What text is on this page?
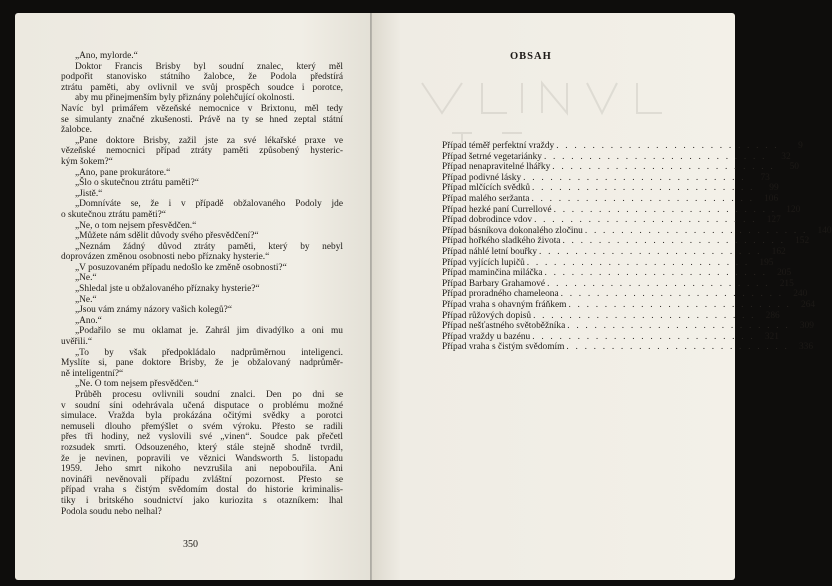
„Ano, mylorde.“
Doktor Francis Brisby byl soudní znalec, který měl
podpořit stanovisko státního žalobce, že Podola předstírá
ztrátu paměti, aby ovlivnil ve svůj prospěch soudce i porotce,
aby mu přinejmenším byly přiznány polehčující okolnosti.
Navíc byl primářem vězeňské nemocnice v Brixtonu, měl tedy
se simulanty značné zkušenosti. Právě na ty se hned zeptal státní
žalobce.
„Pane doktore Brisby, zažil jste za své lékařské praxe ve
vězeňské nemocnici případ ztráty paměti způsobený hysteric-
kým šokem?“
„Ano, pane prokurátore.“
„Šlo o skutečnou ztrátu paměti?“
„Jistě.“
„Domníváte se, že i v případě obžalovaného Podoly jde
o skutečnou ztrátu paměti?“
„Ne, o tom nejsem přesvědčen.“
„Můžete nám sdělit důvody svého přesvědčení?“
„Neznám žádný důvod ztráty paměti, který by nebyl
doprovázen změnou osobnosti nebo příznaky hysterie.“
„V posuzovaném případu nedošlo ke změně osobnosti?“
„Ne.“
„Shledal jste u obžalovaného příznaky hysterie?“
„Ne.“
„Jsou vám známy názory vašich kolegů?“
„Ano.“
„Podařilo se mu oklamat je. Zahrál jim divadýlko a oni mu
uvěřili.“
„To by však předpokládalo nadprůměrnou inteligenci.
Myslíte si, pane doktore Brisby, že je obžalovaný nadprůměr-
ně inteligentní?“
„Ne. O tom nejsem přesvědčen.“
Průběh procesu ovlivnili soudní znalci. Den po dni se
v soudní síni odehrávala učená disputace o problému možné
simulace. Vražda byla prokázána očitými svědky a porotci
nemuseli dlouho přemýšlet o svém výroku. Přesto se radili
přes tři hodiny, než vyslovili své „vinen“. Soudce pak přečetl
rozsudek smrti. Odsouzeného, který stále stejně shodně tvrdil,
že je nevinen, popravili ve věznici Wandsworth 5. listopadu
1959. Jeho smrt nikoho nevzrušila ani nepobouřila. Ani
novináři nevěnovali případu zvláštní pozornost. Přesto se
případ vraha s čistým svědomím dostal do historie kriminalis-
tiky i britského soudnictví jako kuriozita s otazníkem: lhal
Podola soudu nebo nelhal?
350
OBSAH
Případ téměř perfektní vraždy . . . . . . . . . . . . . . . . . . . . . . . . .	9
Případ šetrné vegetariánky . . . . . . . . . . . . . . . . . . . . . . . . .	32
Případ nenapravitelné lhářky . . . . . . . . . . . . . . . . . . . . . . . . .	50
Případ podivné lásky . . . . . . . . . . . . . . . . . . . . . . . . .	73
Případ mlčících svědků . . . . . . . . . . . . . . . . . . . . . . . . .	99
Případ malého seržanta . . . . . . . . . . . . . . . . . . . . . . . . .	106
Případ hezké paní Currellové . . . . . . . . . . . . . . . . . . . . . . . . .	120
Případ dobrodince vdov . . . . . . . . . . . . . . . . . . . . . . . . .	127
Případ básníkova dokonalého zločinu . . . . . . . . . . . . . . . . . . . . . . . . .	140
Případ hořkého sladkého života . . . . . . . . . . . . . . . . . . . . . . . . .	152
Případ náhlé letní bouřky . . . . . . . . . . . . . . . . . . . . . . . . .	162
Případ vyjících lupičů . . . . . . . . . . . . . . . . . . . . . . . . .	195
Případ maminčina miláčka . . . . . . . . . . . . . . . . . . . . . . . . .	205
Případ Barbary Grahamové . . . . . . . . . . . . . . . . . . . . . . . . .	215
Případ proradného chameleona . . . . . . . . . . . . . . . . . . . . . . . . .	240
Případ vraha s ohavným fráňkem . . . . . . . . . . . . . . . . . . . . . . . . .	264
Případ růžových dopisů . . . . . . . . . . . . . . . . . . . . . . . . .	286
Případ nešťastného světoběžníka . . . . . . . . . . . . . . . . . . . . . . . . .	309
Případ vraždy u bazénu . . . . . . . . . . . . . . . . . . . . . . . . .	321
Případ vraha s čistým svědomím . . . . . . . . . . . . . . . . . . . . . . . . .	336
